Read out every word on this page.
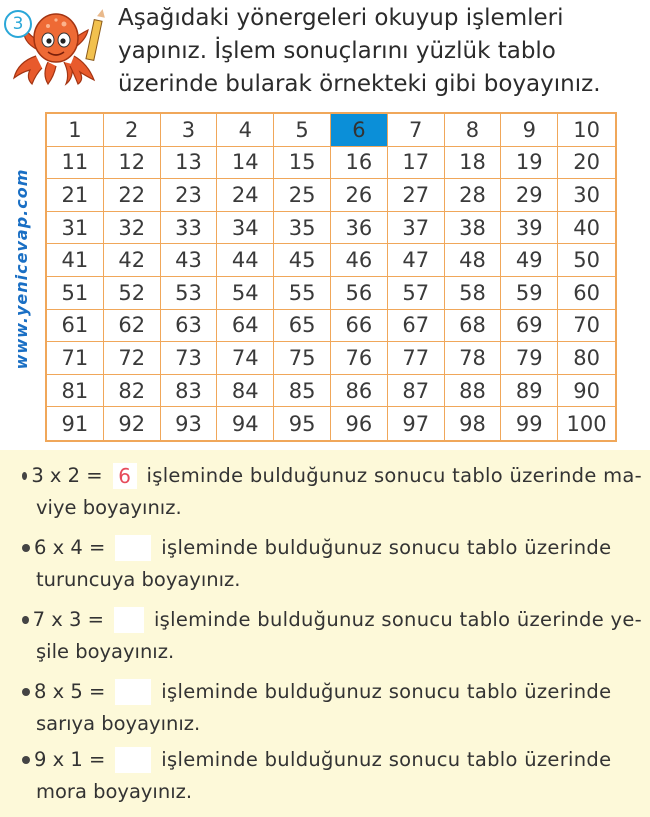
3	Aşağıdaki yönergeleri okuyup işlemleri
yapınız. İşlem sonuçlarını yüzlük tablo
üzerinde bularak örnekteki gibi boyayınız.

www.yenicevap.com
1	2	3	4	5	6	7	8	9	10
11	12	13	14	15	16	17	18	19	20
21	22	23	24	25	26	27	28	29	30
31	32	33	34	35	36	37	38	39	40
41	42	43	44	45	46	47	48	49	50
51	52	53	54	55	56	57	58	59	60
61	62	63	64	65	66	67	68	69	70
71	72	73	74	75	76	77	78	79	80
81	82	83	84	85	86	87	88	89	90
91	92	93	94	95	96	97	98	99	100
3 x 2 = 6 işleminde bulduğunuz sonucu tablo üzerinde ma-
viye boyayınız.
6 x 4 =	işleminde bulduğunuz sonucu tablo üzerinde
turuncuya boyayınız.
7 x 3 =	işleminde bulduğunuz sonucu tablo üzerinde ye-
şile boyayınız.
8 x 5 =	işleminde bulduğunuz sonucu tablo üzerinde
sarıya boyayınız.
9 x 1 =	işleminde bulduğunuz sonucu tablo üzerinde
mora boyayınız.
